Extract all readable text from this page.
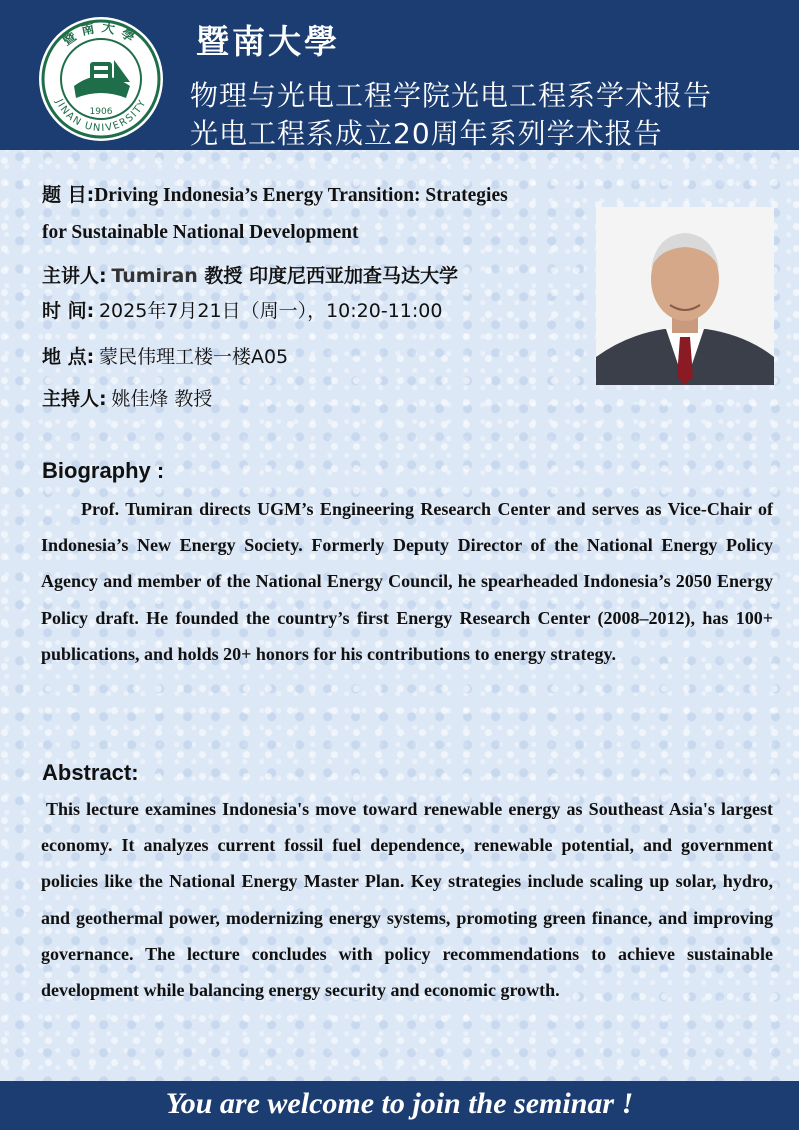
暨南大學
JINAN UNIVERSITY
1906
暨南大學
物理与光电工程学院光电工程系学术报告
光电工程系成立20周年系列学术报告
题 目:Driving Indonesia’s Energy Transition: Strategies
for Sustainable National Development
主讲人: Tumiran 教授 印度尼西亚加查马达大学
时 间: 2025年7月21日（周一），10:20-11:00
地 点: 蒙民伟理工楼一楼A05
主持人: 姚佳烽 教授
Biography :
Prof. Tumiran directs UGM’s Engineering Research Center and serves as Vice-Chair of Indonesia’s New Energy Society. Formerly Deputy Director of the National Energy Policy Agency and member of the National Energy Council, he spearheaded Indonesia’s 2050 Energy Policy draft. He founded the country’s first Energy Research Center (2008–2012), has 100+ publications, and holds 20+ honors for his contributions to energy strategy.
Abstract:
This lecture examines Indonesia's move toward renewable energy as Southeast Asia's largest economy. It analyzes current fossil fuel dependence, renewable potential, and government policies like the National Energy Master Plan. Key strategies include scaling up solar, hydro, and geothermal power, modernizing energy systems, promoting green finance, and improving governance. The lecture concludes with policy recommendations to achieve sustainable development while balancing energy security and economic growth.
You are welcome to join the seminar !
